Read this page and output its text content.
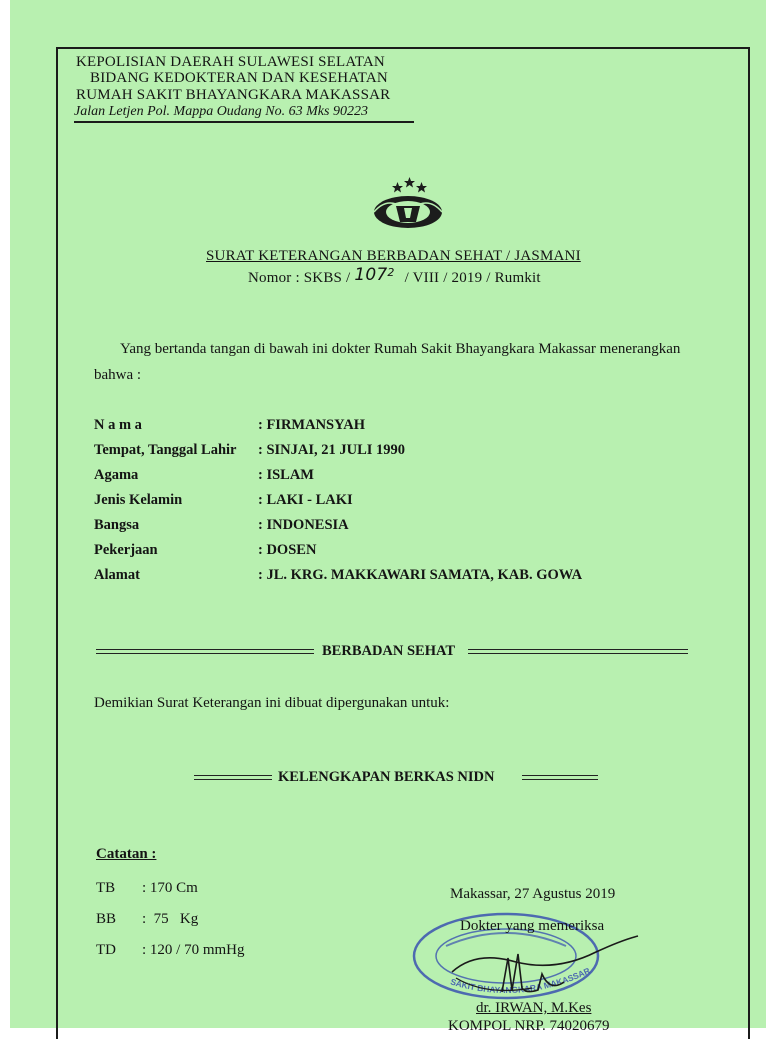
KEPOLISIAN DAERAH SULAWESI SELATAN
BIDANG KEDOKTERAN DAN KESEHATAN
RUMAH SAKIT BHAYANGKARA MAKASSAR
Jalan Letjen Pol. Mappa Oudang No. 63 Mks 90223
SURAT KETERANGAN BERBADAN SEHAT / JASMANI
Nomor : SKBS / $107^2$ / VIII / 2019 / Rumkit
Yang bertanda tangan di bawah ini dokter Rumah Sakit Bhayangkara Makassar menerangkan
bahwa :
N a m a	: FIRMANSYAH
Tempat, Tanggal Lahir : SINJAI, 21 JULI 1990
Agama	: ISLAM
Jenis Kelamin	: LAKI - LAKI
Bangsa	: INDONESIA
Pekerjaan	: DOSEN
Alamat	: JL. KRG. MAKKAWARI SAMATA, KAB. GOWA
BERBADAN SEHAT
Demikian Surat Keterangan ini dibuat dipergunakan untuk:
KELENGKAPAN BERKAS NIDN
Catatan :
TB : 170 Cm
BB :  75   Kg
TD : 120 / 70 mmHg
Makassar, 27 Agustus 2019
SAKIT BHAYANGKARA MAKASSAR
Dokter yang memeriksa
dr. IRWAN, M.Kes
KOMPOL NRP. 74020679
